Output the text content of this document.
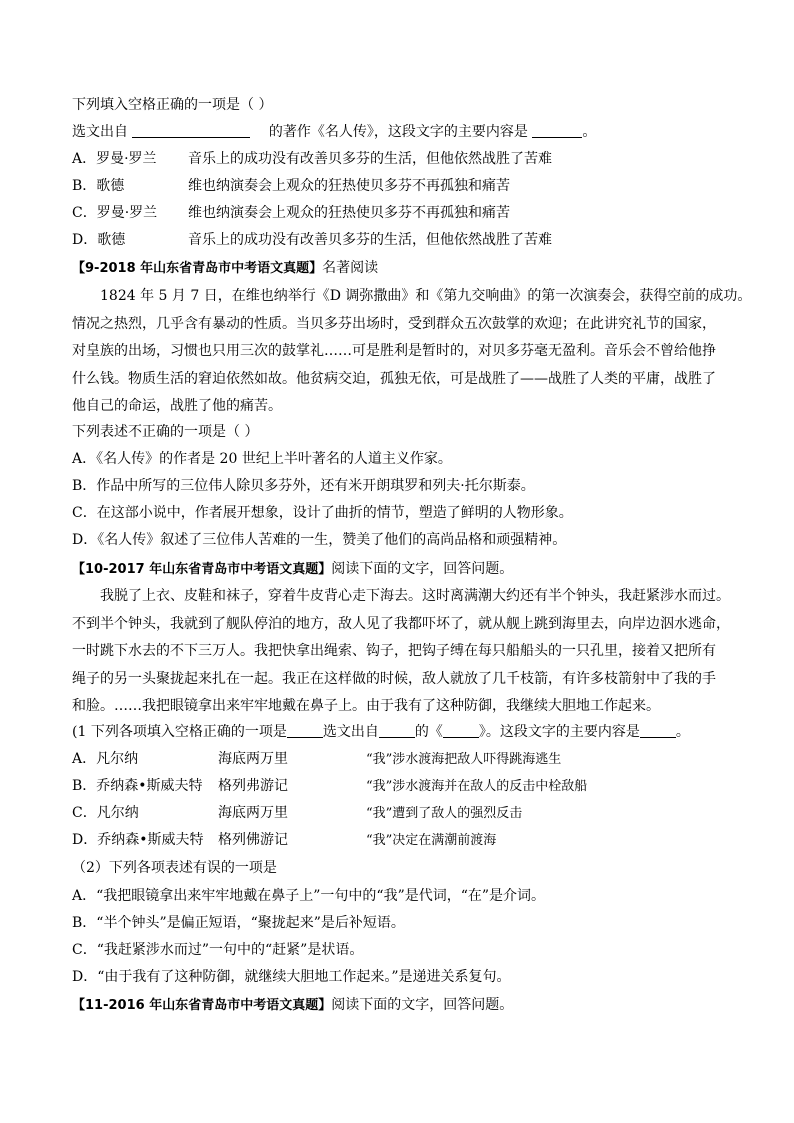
下列填入空格正确的一项是（ ）
选文出自	的著作《名人传》，这段文字的主要内容是	。
A．罗曼·罗兰 音乐上的成功没有改善贝多芬的生活，但他依然战胜了苦难
B．歌德	维也纳演奏会上观众的狂热使贝多芬不再孤独和痛苦
C．罗曼·罗兰 维也纳演奏会上观众的狂热使贝多芬不再孤独和痛苦
D．歌德	音乐上的成功没有改善贝多芬的生活，但他依然战胜了苦难
【9-2018 年山东省青岛市中考语文真题】名著阅读
1824 年 5 月 7 日，在维也纳举行《D 调弥撒曲》和《第九交响曲》的第一次演奏会，获得空前的成功。
情况之热烈，几乎含有暴动的性质。当贝多芬出场时，受到群众五次鼓掌的欢迎；在此讲究礼节的国家，
对皇族的出场，习惯也只用三次的鼓掌礼……可是胜利是暂时的，对贝多芬毫无盈利。音乐会不曾给他挣
什么钱。物质生活的窘迫依然如故。他贫病交迫，孤独无依，可是战胜了——战胜了人类的平庸，战胜了
他自己的命运，战胜了他的痛苦。
下列表述不正确的一项是（ ）
A．《名人传》的作者是 20 世纪上半叶著名的人道主义作家。
B．作品中所写的三位伟人除贝多芬外，还有米开朗琪罗和列夫·托尔斯泰。
C．在这部小说中，作者展开想象，设计了曲折的情节，塑造了鲜明的人物形象。
D．《名人传》叙述了三位伟人苦难的一生，赞美了他们的高尚品格和顽强精神。
【10-2017 年山东省青岛市中考语文真题】阅读下面的文字，回答问题。
我脱了上衣、皮鞋和袜子，穿着牛皮背心走下海去。这时离满潮大约还有半个钟头，我赶紧涉水而过。
不到半个钟头，我就到了舰队停泊的地方，敌人见了我都吓坏了，就从舰上跳到海里去，向岸边泅水逃命，
一时跳下水去的不下三万人。我把快拿出绳索、钩子，把钩子缚在每只船船头的一只孔里，接着又把所有
绳子的另一头聚拢起来扎在一起。我正在这样做的时候，敌人就放了几千枝箭，有许多枝箭射中了我的手
和脸。……我把眼镜拿出来牢牢地戴在鼻子上。由于我有了这种防御，我继续大胆地工作起来。
(1 下列各项填入空格正确的一项是	选文出自	的《	》。这段文字的主要内容是	。
A．凡尔纳	海底两万里	“我”涉水渡海把敌人吓得跳海逃生
B．乔纳森•斯威夫特 格列弗游记	“我”涉水渡海并在敌人的反击中栓敌船
C．凡尔纳	海底两万里	“我”遭到了敌人的强烈反击
D．乔纳森•斯威夫特 格列佛游记	“我”决定在满潮前渡海
（2）下列各项表述有误的一项是
A．“我把眼镜拿出来牢牢地戴在鼻子上”一句中的“我”是代词，“在”是介词。
B．“半个钟头”是偏正短语，“聚拢起来”是后补短语。
C．“我赶紧涉水而过”一句中的“赶紧”是状语。
D．“由于我有了这种防御，就继续大胆地工作起来。”是递进关系复句。
【11-2016 年山东省青岛市中考语文真题】阅读下面的文字，回答问题。
